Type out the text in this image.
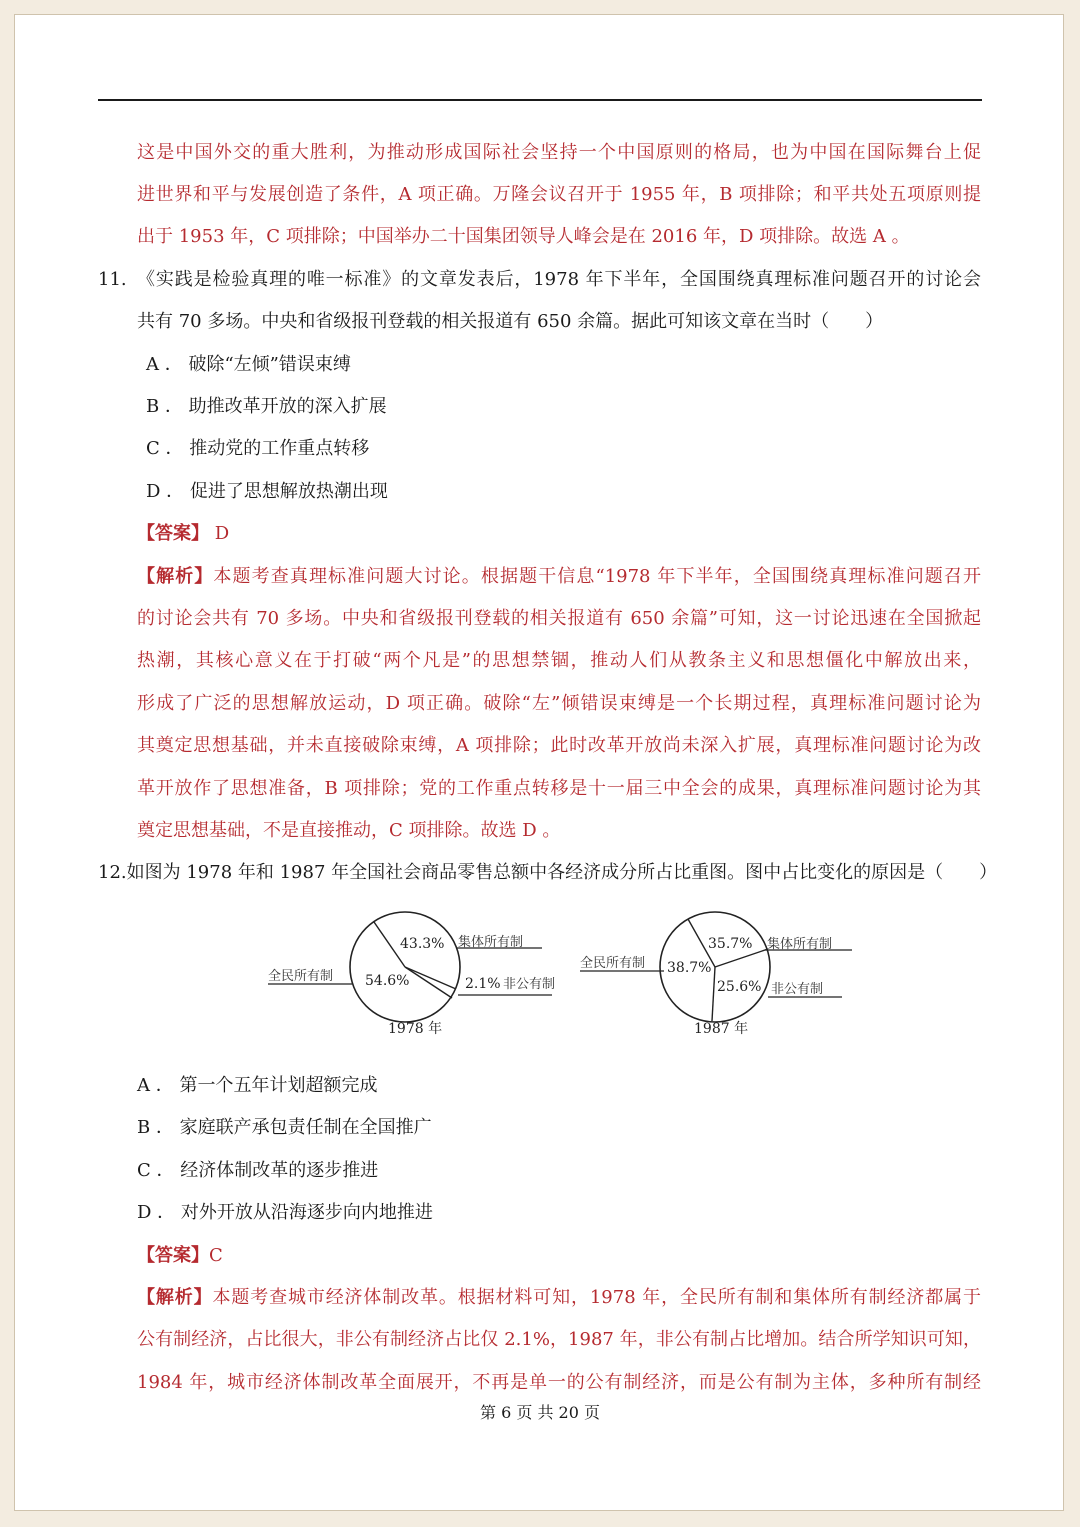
这是中国外交的重大胜利，为推动形成国际社会坚持一个中国原则的格局，也为中国在国际舞台上促
进世界和平与发展创造了条件，A 项正确。万隆会议召开于 1955 年，B 项排除；和平共处五项原则提
出于 1953 年，C 项排除；中国举办二十国集团领导人峰会是在 2016 年，D 项排除。故选 A 。
11. 《实践是检验真理的唯一标准》的文章发表后，1978 年下半年，全国围绕真理标准问题召开的讨论会
共有 70 多场。中央和省级报刊登载的相关报道有 650 余篇。据此可知该文章在当时（　　）
A ． 破除“左倾”错误束缚
B ． 助推改革开放的深入扩展
C ． 推动党的工作重点转移
D ． 促进了思想解放热潮出现
【答案】 D
【解析】本题考查真理标准问题大讨论。根据题干信息“1978 年下半年，全国围绕真理标准问题召开
的讨论会共有 70 多场。中央和省级报刊登载的相关报道有 650 余篇”可知，这一讨论迅速在全国掀起
热潮，其核心意义在于打破“两个凡是”的思想禁锢，推动人们从教条主义和思想僵化中解放出来，
形成了广泛的思想解放运动，D 项正确。破除“左”倾错误束缚是一个长期过程，真理标准问题讨论为
其奠定思想基础，并未直接破除束缚，A 项排除；此时改革开放尚未深入扩展，真理标准问题讨论为改
革开放作了思想准备，B 项排除；党的工作重点转移是十一届三中全会的成果，真理标准问题讨论为其
奠定思想基础，不是直接推动，C 项排除。故选 D 。
12.如图为 1978 年和 1987 年全国社会商品零售总额中各经济成分所占比重图。图中占比变化的原因是（　　）
43.3%
54.6%	2.1%
全民所有制
集体所有制
非公有制
1978 年
35.7%
38.7%
25.6%
全民所有制
集体所有制
非公有制
1987 年
A ． 第一个五年计划超额完成
B ． 家庭联产承包责任制在全国推广
C ． 经济体制改革的逐步推进
D ． 对外开放从沿海逐步向内地推进
【答案】C
【解析】本题考查城市经济体制改革。根据材料可知，1978 年，全民所有制和集体所有制经济都属于
公有制经济，占比很大，非公有制经济占比仅 2.1%，1987 年，非公有制占比增加。结合所学知识可知，
1984 年，城市经济体制改革全面展开，不再是单一的公有制经济，而是公有制为主体，多种所有制经
第 6 页 共 20 页
